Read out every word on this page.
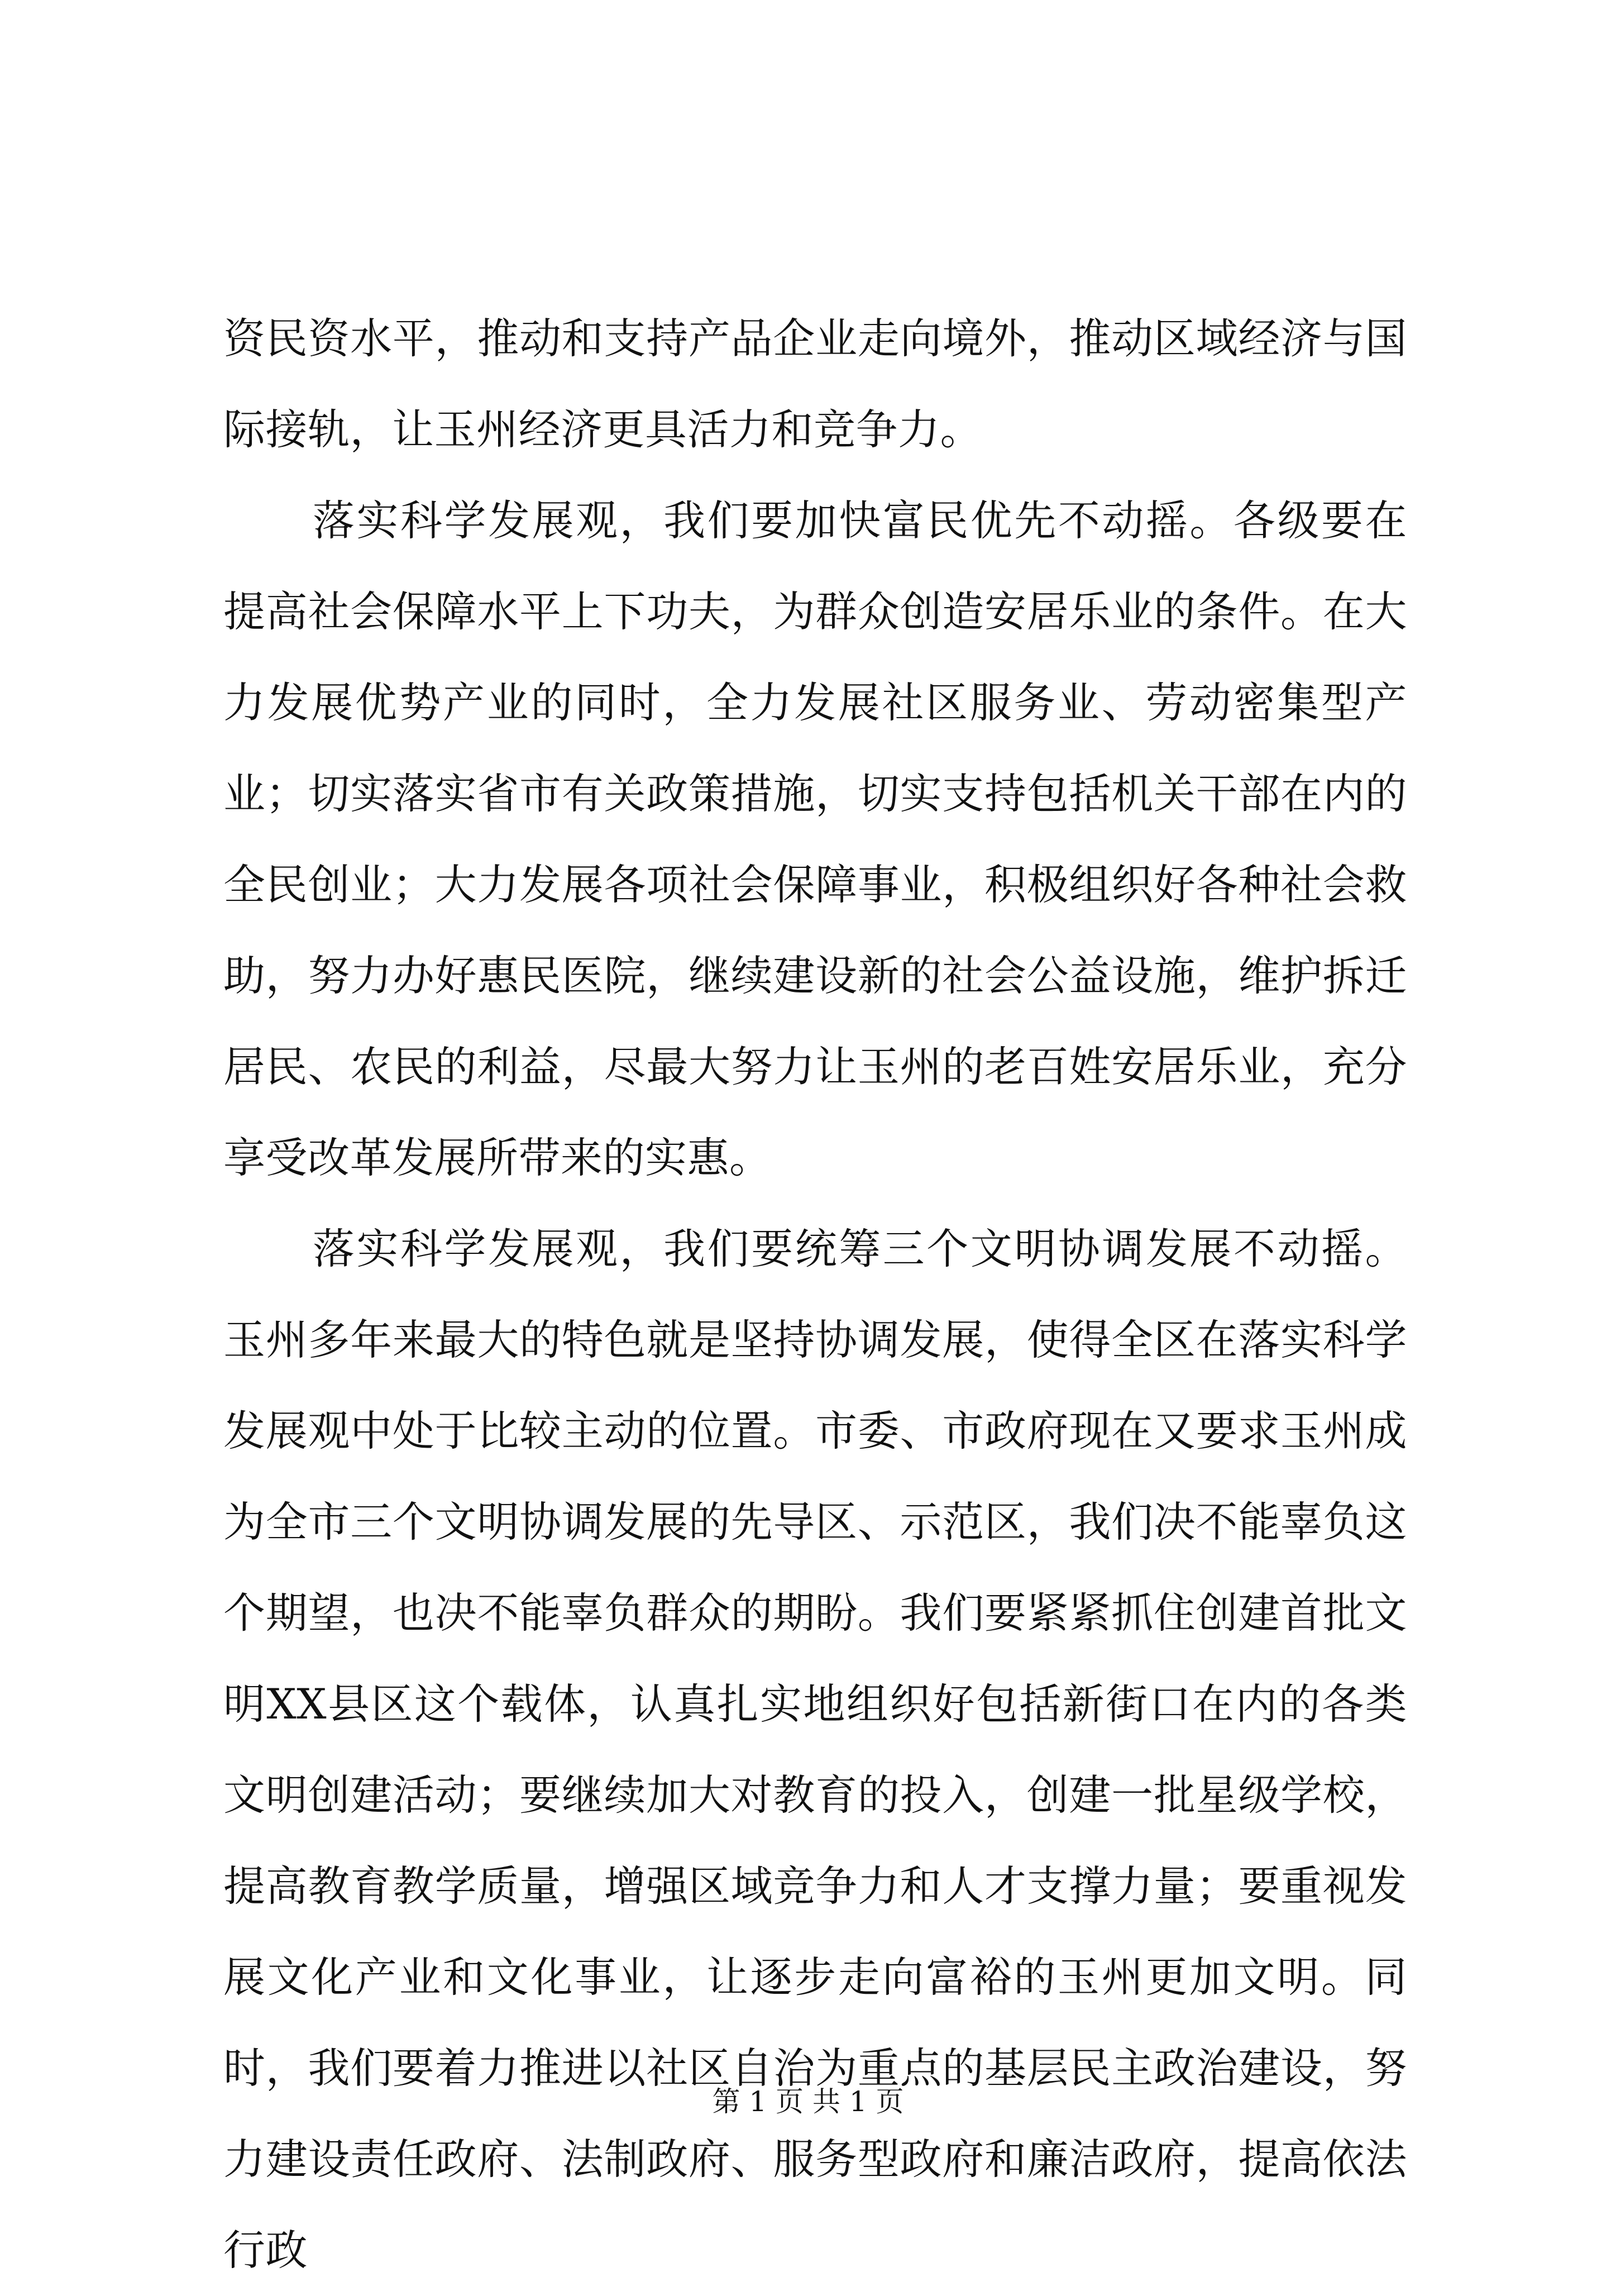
资民资水平，推动和支持产品企业走向境外，推动区域经济与国际接轨，让玉州经济更具活力和竞争力。

落实科学发展观，我们要加快富民优先不动摇。各级要在提高社会保障水平上下功夫，为群众创造安居乐业的条件。在大力发展优势产业的同时，全力发展社区服务业、劳动密集型产业；切实落实省市有关政策措施，切实支持包括机关干部在内的全民创业；大力发展各项社会保障事业，积极组织好各种社会救助，努力办好惠民医院，继续建设新的社会公益设施，维护拆迁居民、农民的利益，尽最大努力让玉州的老百姓安居乐业，充分享受改革发展所带来的实惠。

落实科学发展观，我们要统筹三个文明协调发展不动摇。玉州多年来最大的特色就是坚持协调发展，使得全区在落实科学发展观中处于比较主动的位置。市委、市政府现在又要求玉州成为全市三个文明协调发展的先导区、示范区，我们决不能辜负这个期望，也决不能辜负群众的期盼。我们要紧紧抓住创建首批文明XX县区这个载体，认真扎实地组织好包括新街口在内的各类文明创建活动；要继续加大对教育的投入，创建一批星级学校，提高教育教学质量，增强区域竞争力和人才支撑力量；要重视发展文化产业和文化事业，让逐步走向富裕的玉州更加文明。同时，我们要着力推进以社区自治为重点的基层民主政治建设，努力建设责任政府、法制政府、服务型政府和廉洁政府，提高依法行政

第 1 页 共 1 页
